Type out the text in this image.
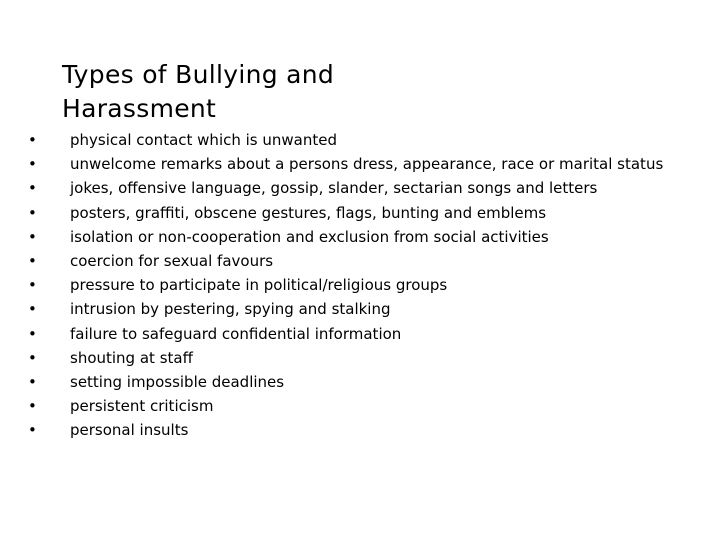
Types of Bullying and Harassment
•	physical contact which is unwanted
•	unwelcome remarks about a persons dress, appearance, race or marital status
•	jokes, offensive language, gossip, slander, sectarian songs and letters
•	posters, graffiti, obscene gestures, flags, bunting and emblems
•	isolation or non-cooperation and exclusion from social activities
•	coercion for sexual favours
•	pressure to participate in political/religious groups
•	intrusion by pestering, spying and stalking
•	failure to safeguard confidential information
•	shouting at staff
•	setting impossible deadlines
•	persistent criticism
•	personal insults
